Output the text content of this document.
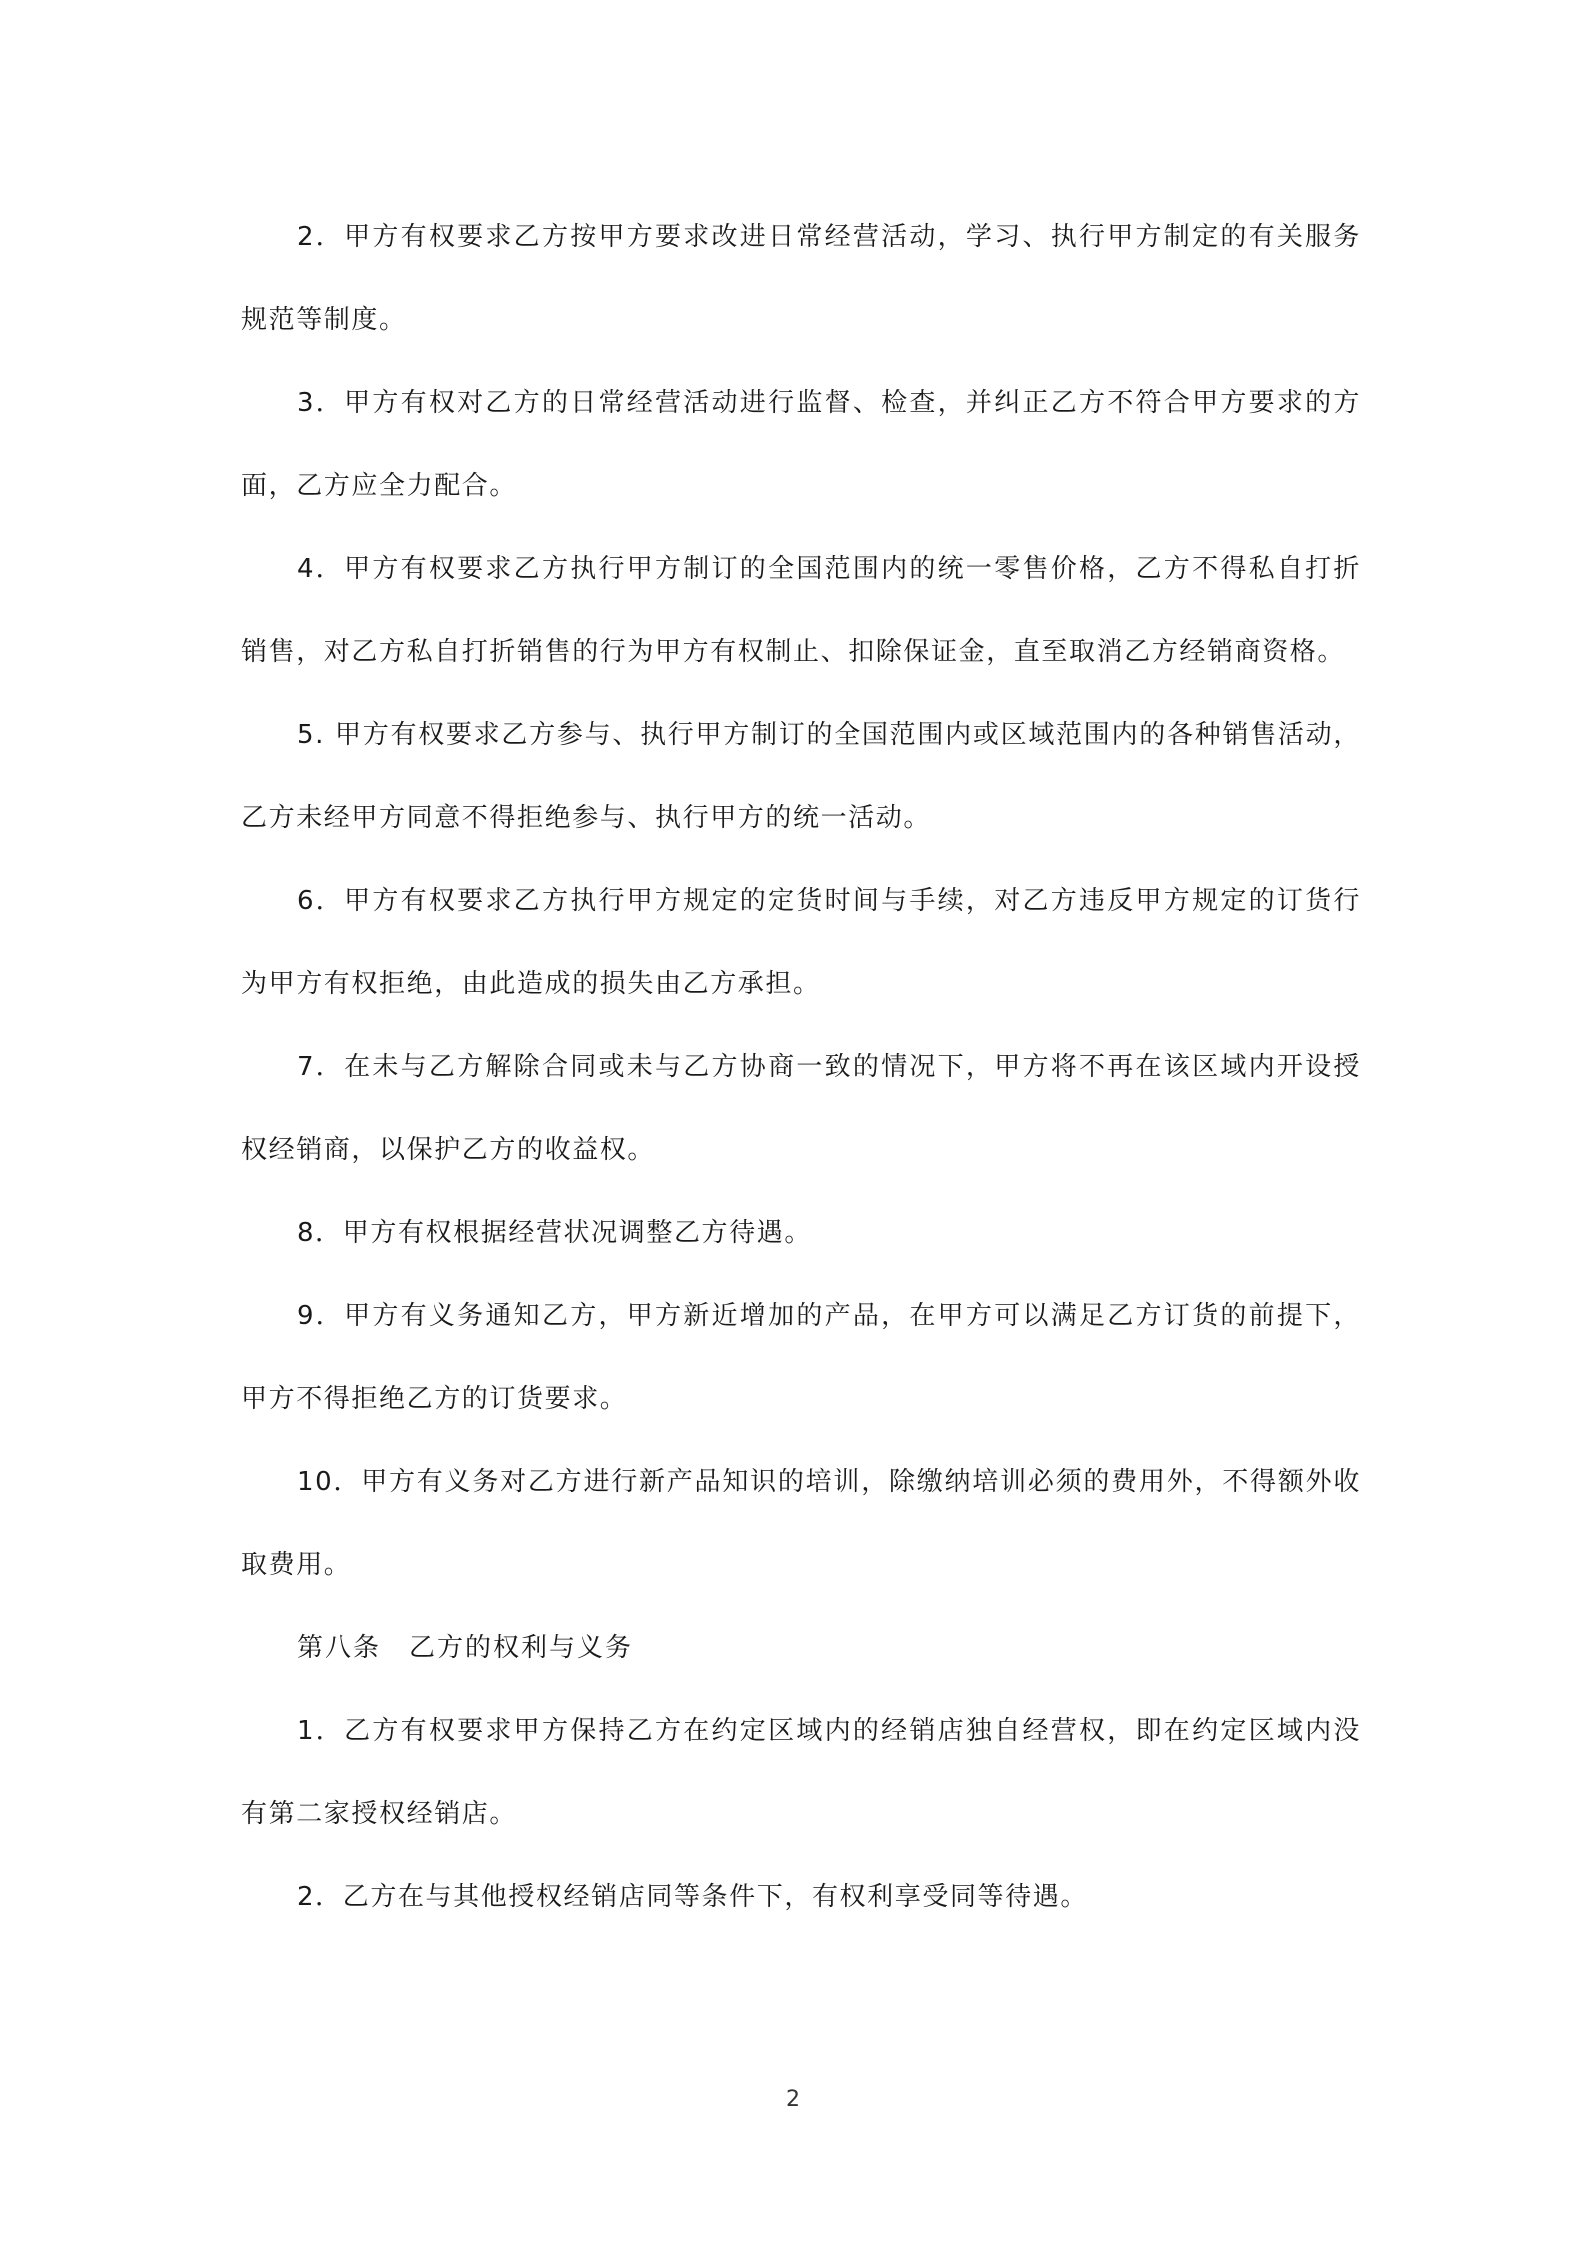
2．甲方有权要求乙方按甲方要求改进日常经营活动，学习、执行甲方制定的有关服务规范等制度。

3．甲方有权对乙方的日常经营活动进行监督、检查，并纠正乙方不符合甲方要求的方面，乙方应全力配合。

4．甲方有权要求乙方执行甲方制订的全国范围内的统一零售价格，乙方不得私自打折销售，对乙方私自打折销售的行为甲方有权制止、扣除保证金，直至取消乙方经销商资格。

5. 甲方有权要求乙方参与、执行甲方制订的全国范围内或区域范围内的各种销售活动，乙方未经甲方同意不得拒绝参与、执行甲方的统一活动。

6．甲方有权要求乙方执行甲方规定的定货时间与手续，对乙方违反甲方规定的订货行为甲方有权拒绝，由此造成的损失由乙方承担。

7．在未与乙方解除合同或未与乙方协商一致的情况下，甲方将不再在该区域内开设授权经销商，以保护乙方的收益权。

8．甲方有权根据经营状况调整乙方待遇。

9．甲方有义务通知乙方，甲方新近增加的产品，在甲方可以满足乙方订货的前提下，甲方不得拒绝乙方的订货要求。

10．甲方有义务对乙方进行新产品知识的培训，除缴纳培训必须的费用外，不得额外收取费用。

第八条　乙方的权利与义务

1．乙方有权要求甲方保持乙方在约定区域内的经销店独自经营权，即在约定区域内没有第二家授权经销店。

2．乙方在与其他授权经销店同等条件下，有权利享受同等待遇。

2
